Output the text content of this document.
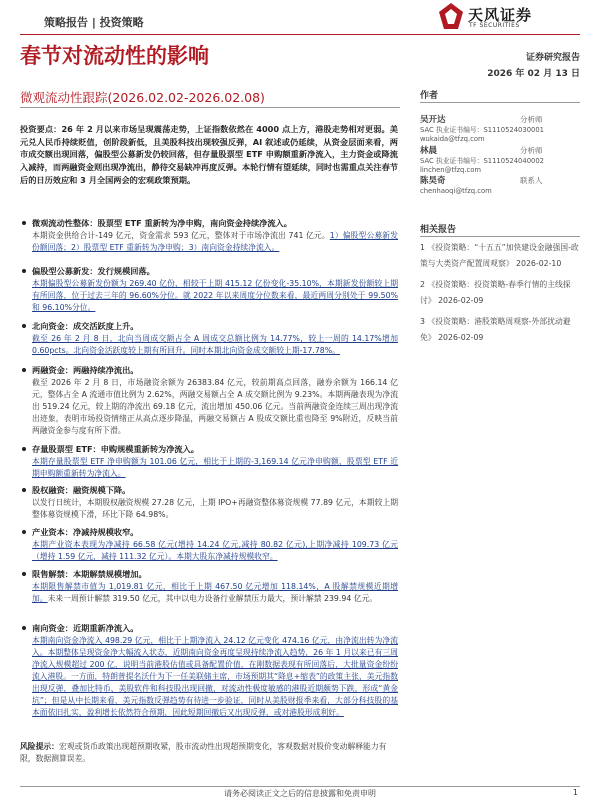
策略报告 | 投资策略	天风证券
TF SECURITIES
春节对流动性的影响	证券研究报告
2026 年 02 月 13 日
微观流动性跟踪(2026.02.02-2026.02.08)
投资要点：26 年 2 月以来市场呈现震荡走势，上证指数依然在 4000 点上方，港股走势相对更弱。美元兑人民币持续贬值，创阶段新低，且美股科技出现较强反弹，AI 叙述或仍延续，从资金层面来看，两市成交额出现回落，偏股型公募新发仍较回落，但存量股票型 ETF 申购额重新净流入，主力资金或降流入减持，而两融资金则出现净流出，静待交易缺冲再度反弹。本轮行情有望延续，同时也需重点关注春节后的日历效应和 3 月全国两会的宏观政策预期。
微观流动性整体：股票型 ETF 重新转为净申购，南向资金持续净流入。
本期资金供给合计-149 亿元，资金需求 593 亿元，整体对于市场净流出 741 亿元。1）偏股型公募新发份额回落；2）股票型 ETF 重新转为净申购；3）南向资金持续净流入。
偏股型公募新发：发行规模回落。
本期偏股型公募新发份额为 269.40 亿份，相较于上期 415.12 亿份变化-35.10%，本期新发份额较上期有所回落，位于过去三年的 96.60%分位。就 2022 年以来周度分位数来看，最近两周分别处于 99.50%和 96.10%分位。
北向资金：成交活跃度上升。
截至 26 年 2 月 8 日，北向当周成交额占全 A 周成交总额比例为 14.77%，较上一周的 14.17%增加 0.60pcts。北向资金活跃度较上期有所回升。同时本期北向资金成交额较上期-17.78%。
两融资金：两融持续净流出。
截至 2026 年 2 月 8 日，市场融资余额为 26383.84 亿元，较前期高点回落，融券余额为 166.14 亿元，整体占全 A 流通市值比例为 2.62%，两融交易额占全 A 成交额比例为 9.23%。本期两融表现为净流出 519.24 亿元，较上期的净流出 69.18 亿元，流出增加 450.06 亿元。当前两融资金连续三周出现净流出迹象，表明市场投资情绪正从高点逐步降温，两融交易额占 A 股成交额比重也降至 9%附近，反映当前两融资金参与度有所下滑。
存量股票型 ETF：申购规模重新转为净流入。
本期存量股票型 ETF 净申购额为 101.06 亿元，相比于上期的-3,169.14 亿元净申购额，股票型 ETF 近期申购额重新转为净流入。
股权融资：融资规模下降。
以发行日统计，本期股权融资规模 27.28 亿元，上期 IPO+再融资整体募资规模 77.89 亿元，本期较上期整体募资规模下滑，环比下降 64.98%。
产业资本：净减持规模收窄。
本期产业资本表现为净减持 66.58 亿元(增持 14.24 亿元,减持 80.82 亿元),上期净减持 109.73 亿元（增持 1.59 亿元，减持 111.32 亿元）。本期大股东净减持规模收窄。
限售解禁：本期解禁规模增加。
本期限售解禁市值为 1,019.81 亿元，相比于上期 467.50 亿元增加 118.14%，A 股解禁规模近期增加。未来一周预计解禁 319.50 亿元，其中以电力设备行业解禁压力最大，预计解禁 239.94 亿元。
南向资金：近期重新净流入。
本期南向资金净流入 498.29 亿元，相比于上期净流入 24.12 亿元变化 474.16 亿元，由净流出转为净流入。本期整体呈现资金净大幅流入状态，近期南向资金再度呈现持续净流入趋势，26 年 1 月以来已有三周净流入规模超过 200 亿，说明当前港股估值或具备配置价值，在刚数据表现有所回落后，大批量资金纷纷流入港股。一方面，特朗普提名沃什为下一任美联储主席，市场预期其“降息+缩表”的政策主张，美元指数出现反弹，叠加比特币、美股软件和科技股出现回撤，对流动性极度敏感的港股近期颇势下跌，形成“黄金坑”；但是从中长期来看，美元指数反弹趋势有待进一步验证，同时从美股财报季来看，大部分科技股的基本面依旧扎实，盈利增长依然符合预期，因此短期回撤后又出现反弹，或对港股形成利好。
风险提示：宏观或货币政策出现超预期收紧，股市流动性出现超预期变化，客观数据对股价变动解释能力有限，数据测算误差。
请务必阅读正文之后的信息披露和免责申明	1
作者
吴开达	分析师
SAC 执业证书编号：S1110524030001
wukaida@tfzq.com
林晨	分析师
SAC 执业证书编号：S1110524040002
linchen@tfzq.com
陈昊奇	联系人
chenhaoqi@tfzq.com
相关报告
1 《投资策略：“十五五”加快建设金融强国-政策与大类资产配置周观察》 2026-02-10
2 《投资策略：投资策略-春季行情的主线探讨》 2026-02-09
3 《投资策略：港股策略周观察-外部扰动避免》 2026-02-09
